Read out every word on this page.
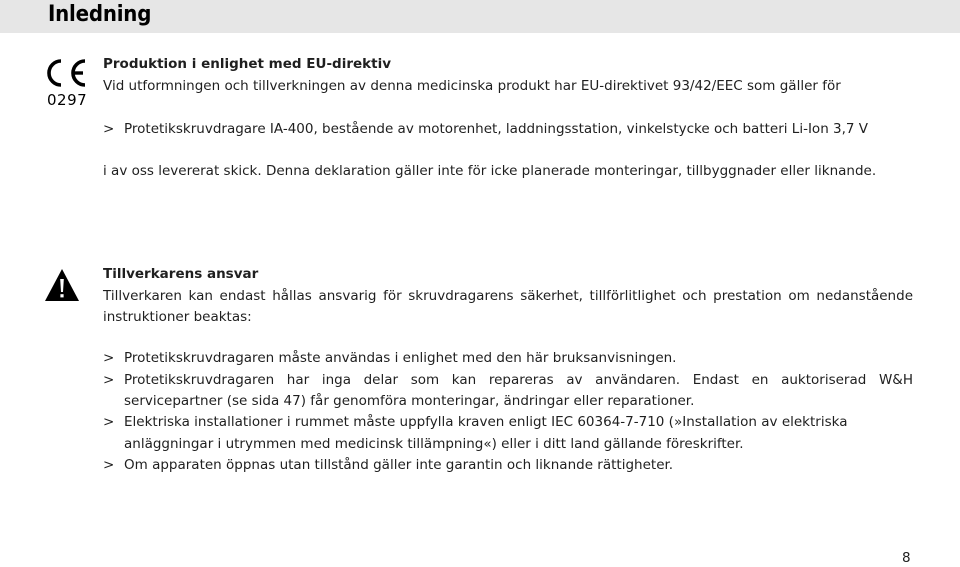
Inledning
0297
Produktion i enlighet med EU-direktiv
Vid utformningen och tillverkningen av denna medicinska produkt har EU-direktivet 93/42/EEC som gäller för
> Protetikskruvdragare IA-400, bestående av motorenhet, laddningsstation, vinkelstycke och batteri Li-Ion 3,7 V
i av oss levererat skick. Denna deklaration gäller inte för icke planerade monteringar, tillbyggnader eller liknande.
Tillverkarens ansvar
Tillverkaren kan endast hållas ansvarig för skruvdragarens säkerhet, tillförlitlighet och prestation om nedanstående
instruktioner beaktas:
> Protetikskruvdragaren måste användas i enlighet med den här bruksanvisningen.
> Protetikskruvdragaren har inga delar som kan repareras av användaren. Endast en auktoriserad W&H
servicepartner (se sida 47) får genomföra monteringar, ändringar eller reparationer.
> Elektriska installationer i rummet måste uppfylla kraven enligt IEC 60364-7-710 (»Installation av elektriska
anläggningar i utrymmen med medicinsk tillämpning«) eller i ditt land gällande föreskrifter.
> Om apparaten öppnas utan tillstånd gäller inte garantin och liknande rättigheter.
8
